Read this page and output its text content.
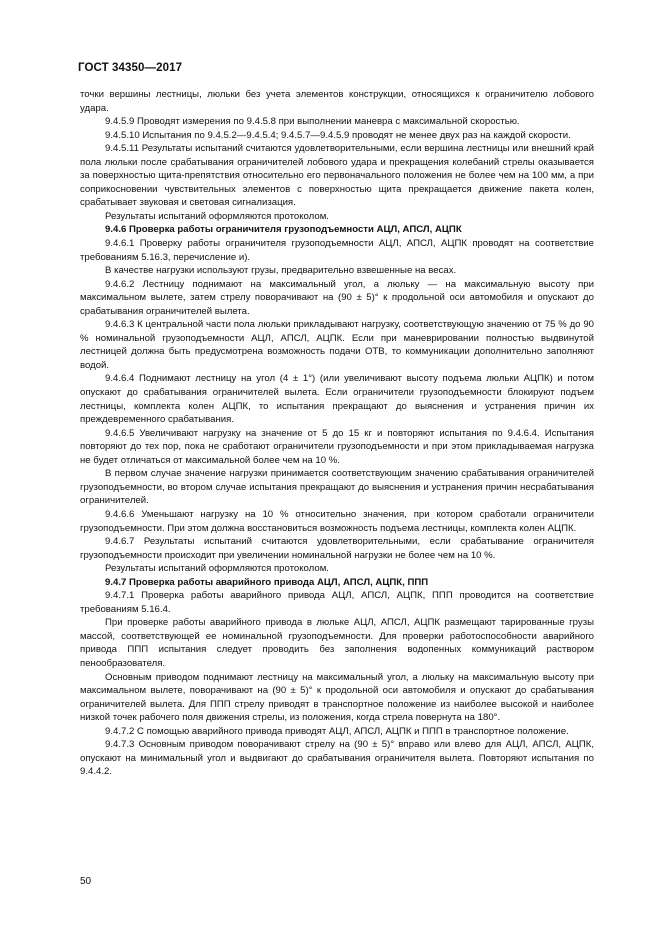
ГОСТ 34350—2017

точки вершины лестницы, люльки без учета элементов конструкции, относящихся к ограничителю лобового удара.

9.4.5.9 Проводят измерения по 9.4.5.8 при выполнении маневра с максимальной скоростью.

9.4.5.10 Испытания по 9.4.5.2—9.4.5.4; 9.4.5.7—9.4.5.9 проводят не менее двух раз на каждой скорости.

9.4.5.11 Результаты испытаний считаются удовлетворительными, если вершина лестницы или внешний край пола люльки после срабатывания ограничителей лобового удара и прекращения колебаний стрелы оказывается за поверхностью щита-препятствия относительно его первоначального положения не более чем на 100 мм, а при соприкосновении чувствительных элементов с поверхностью щита прекращается движение пакета колен, срабатывает звуковая и световая сигнализация.

Результаты испытаний оформляются протоколом.

9.4.6 Проверка работы ограничителя грузоподъемности АЦЛ, АПСЛ, АЦПК

9.4.6.1 Проверку работы ограничителя грузоподъемности АЦЛ, АПСЛ, АЦПК проводят на соответствие требованиям 5.16.3, перечисление и).

В качестве нагрузки используют грузы, предварительно взвешенные на весах.

9.4.6.2 Лестницу поднимают на максимальный угол, а люльку — на максимальную высоту при максимальном вылете, затем стрелу поворачивают на (90 ± 5)° к продольной оси автомобиля и опускают до срабатывания ограничителей вылета.

9.4.6.3 К центральной части пола люльки прикладывают нагрузку, соответствующую значению от 75 % до 90 % номинальной грузоподъемности АЦЛ, АПСЛ, АЦПК. Если при маневрировании полностью выдвинутой лестницей должна быть предусмотрена возможность подачи ОТВ, то коммуникации дополнительно заполняют водой.

9.4.6.4 Поднимают лестницу на угол (4 ± 1°) (или увеличивают высоту подъема люльки АЦПК) и потом опускают до срабатывания ограничителей вылета. Если ограничители грузоподъемности блокируют подъем лестницы, комплекта колен АЦПК, то испытания прекращают до выяснения и устранения причин их преждевременного срабатывания.

9.4.6.5 Увеличивают нагрузку на значение от 5 до 15 кг и повторяют испытания по 9.4.6.4. Испытания повторяют до тех пор, пока не сработают ограничители грузоподъемности и при этом прикладываемая нагрузка не будет отличаться от максимальной более чем на 10 %.

В первом случае значение нагрузки принимается соответствующим значению срабатывания ограничителей грузоподъемности, во втором случае испытания прекращают до выяснения и устранения причин несрабатывания ограничителей.

9.4.6.6 Уменьшают нагрузку на 10 % относительно значения, при котором сработали ограничители грузоподъемности. При этом должна восстановиться возможность подъема лестницы, комплекта колен АЦПК.

9.4.6.7 Результаты испытаний считаются удовлетворительными, если срабатывание ограничителя грузоподъемности происходит при увеличении номинальной нагрузки не более чем на 10 %.

Результаты испытаний оформляются протоколом.

9.4.7 Проверка работы аварийного привода АЦЛ, АПСЛ, АЦПК, ППП

9.4.7.1 Проверка работы аварийного привода АЦЛ, АПСЛ, АЦПК, ППП проводится на соответствие требованиям 5.16.4.

При проверке работы аварийного привода в люльке АЦЛ, АПСЛ, АЦПК размещают тарированные грузы массой, соответствующей ее номинальной грузоподъемности. Для проверки работоспособности аварийного привода ППП испытания следует проводить без заполнения водопенных коммуникаций раствором пенообразователя.

Основным приводом поднимают лестницу на максимальный угол, а люльку на максимальную высоту при максимальном вылете, поворачивают на (90 ± 5)° к продольной оси автомобиля и опускают до срабатывания ограничителей вылета. Для ППП стрелу приводят в транспортное положение из наиболее высокой и наиболее низкой точек рабочего поля движения стрелы, из положения, когда стрела повернута на 180°.

9.4.7.2 С помощью аварийного привода приводят АЦЛ, АПСЛ, АЦПК и ППП в транспортное положение.

9.4.7.3 Основным приводом поворачивают стрелу на (90 ± 5)° вправо или влево для АЦЛ, АПСЛ, АЦПК, опускают на минимальный угол и выдвигают до срабатывания ограничителя вылета. Повторяют испытания по 9.4.4.2.

50
